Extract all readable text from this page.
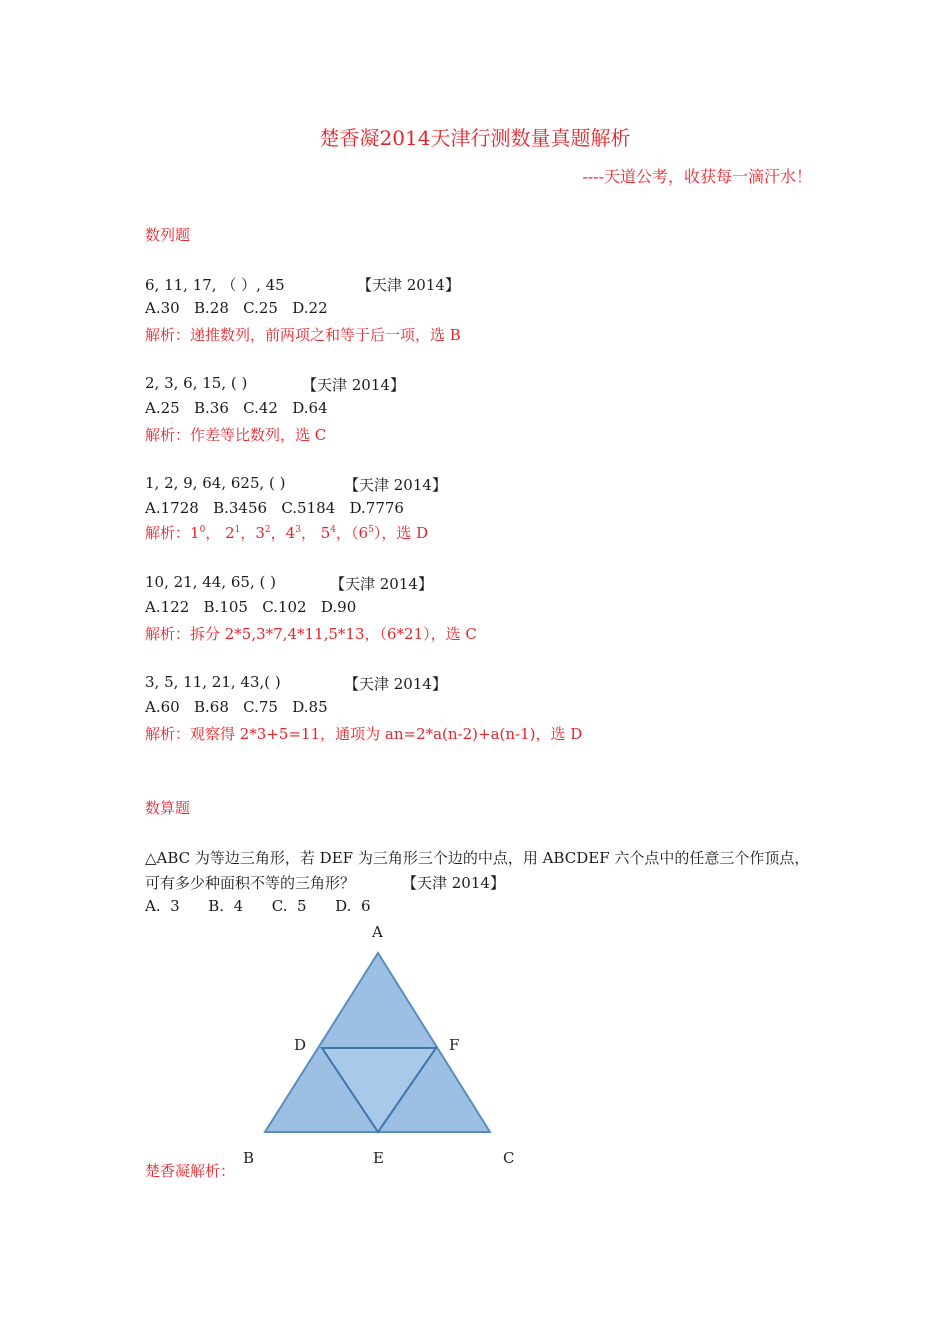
楚香凝2014天津行测数量真题解析
----天道公考，收获每一滴汗水！
数列题
6, 11, 17, （ ）, 45	【天津 2014】
A.30   B.28   C.25   D.22
解析：递推数列，前两项之和等于后一项，选 B
2, 3, 6, 15, ( )	【天津 2014】
A.25   B.36   C.42   D.64
解析：作差等比数列，选 C
1, 2, 9, 64, 625, ( )	【天津 2014】
A.1728   B.3456   C.5184   D.7776
解析：$1^0$， $2^1$，$3^2$，$4^3$， $5^4$，$(6^5)$，选 D
10, 21, 44, 65, ( )	【天津 2014】
A.122   B.105   C.102   D.90
解析：拆分 2*5,3*7,4*11,5*13，（6*21），选 C
3, 5, 11, 21, 43,( )	【天津 2014】
A.60   B.68   C.75   D.85
解析：观察得 2*3+5=11，通项为 an=2*a(n-2)+a(n-1)，选 D
数算题
△ABC 为等边三角形，若 DEF 为三角形三个边的中点，用 ABCDEF 六个点中的任意三个作顶点，
可有多少种面积不等的三角形？	【天津 2014】
A.  3      B.  4      C.  5      D.  6
A
D	F
B	E	C
楚香凝解析：
